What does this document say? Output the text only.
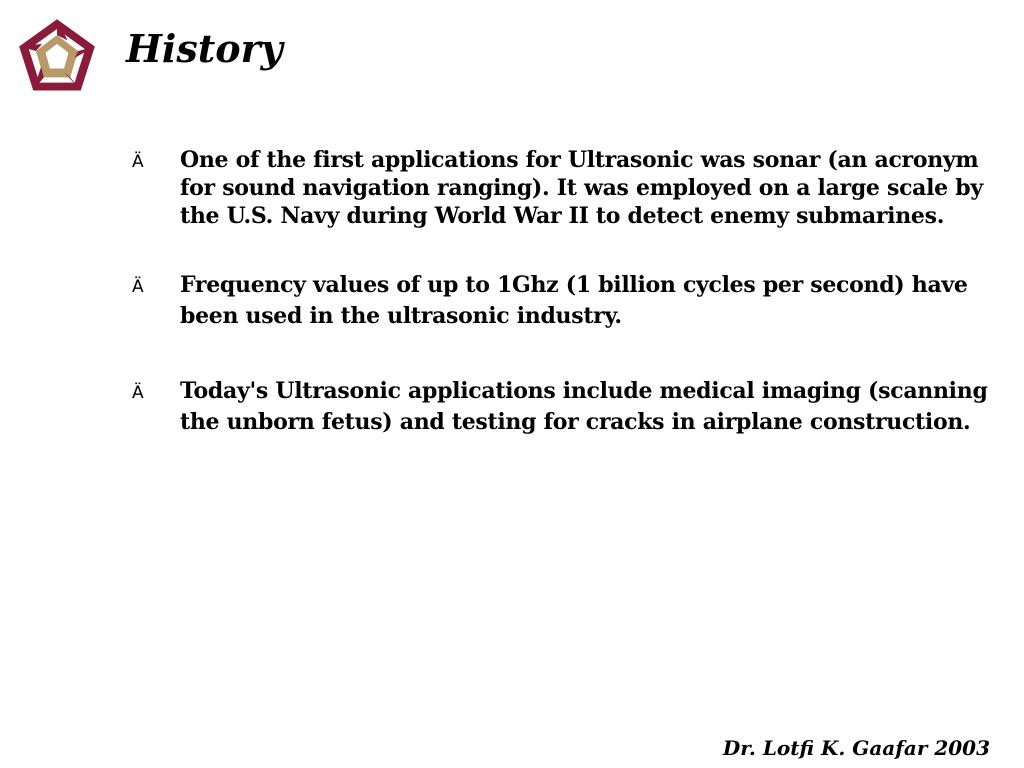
History
Ä One of the first applications for Ultrasonic was sonar (an acronym for sound navigation ranging). It was employed on a large scale by the U.S. Navy during World War II to detect enemy submarines.
Ä Frequency values of up to 1Ghz (1 billion cycles per second) have been used in the ultrasonic industry.
Ä Today's Ultrasonic applications include medical imaging (scanning the unborn fetus) and testing for cracks in airplane construction.
Dr. Lotfi K. Gaafar 2003
